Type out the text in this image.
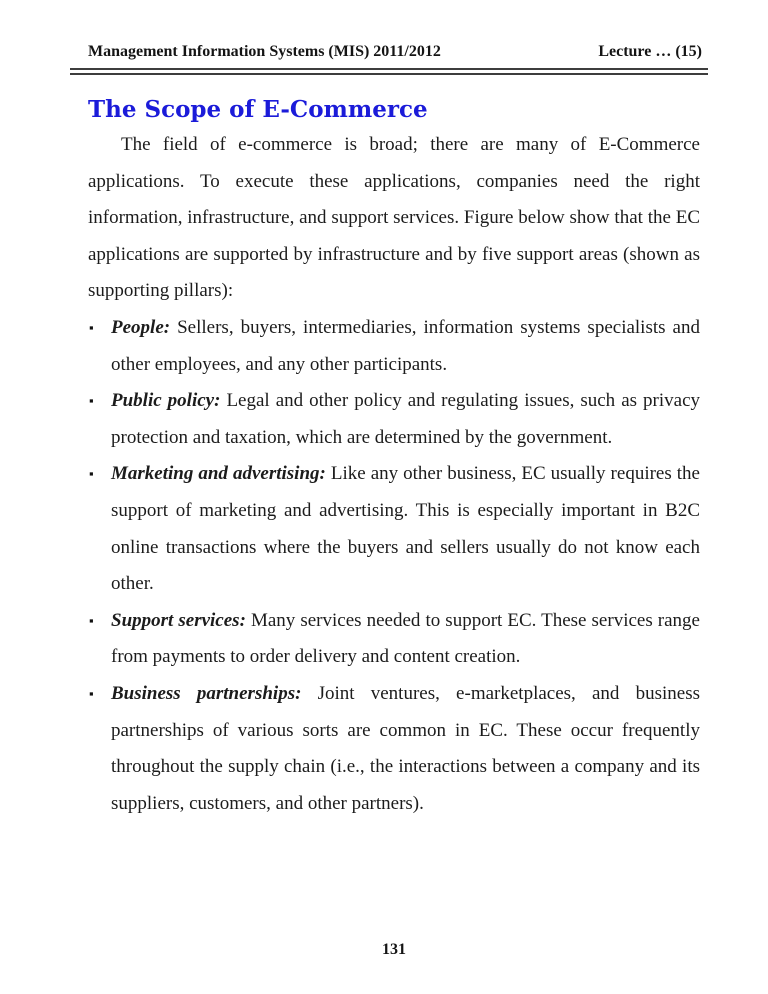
Management Information Systems (MIS) 2011/2012	Lecture … (15)
The Scope of E-Commerce

The field of e-commerce is broad; there are many of E-Commerce applications. To execute these applications, companies need the right information, infrastructure, and support services. Figure below show that the EC applications are supported by infrastructure and by five support areas (shown as supporting pillars):

▪ People: Sellers, buyers, intermediaries, information systems specialists and other employees, and any other participants.
▪ Public policy: Legal and other policy and regulating issues, such as privacy protection and taxation, which are determined by the government.
▪ Marketing and advertising: Like any other business, EC usually requires the support of marketing and advertising. This is especially important in B2C online transactions where the buyers and sellers usually do not know each other.
▪ Support services: Many services needed to support EC. These services range from payments to order delivery and content creation.
▪ Business partnerships: Joint ventures, e-marketplaces, and business partnerships of various sorts are common in EC. These occur frequently throughout the supply chain (i.e., the interactions between a company and its suppliers, customers, and other partners).
131
